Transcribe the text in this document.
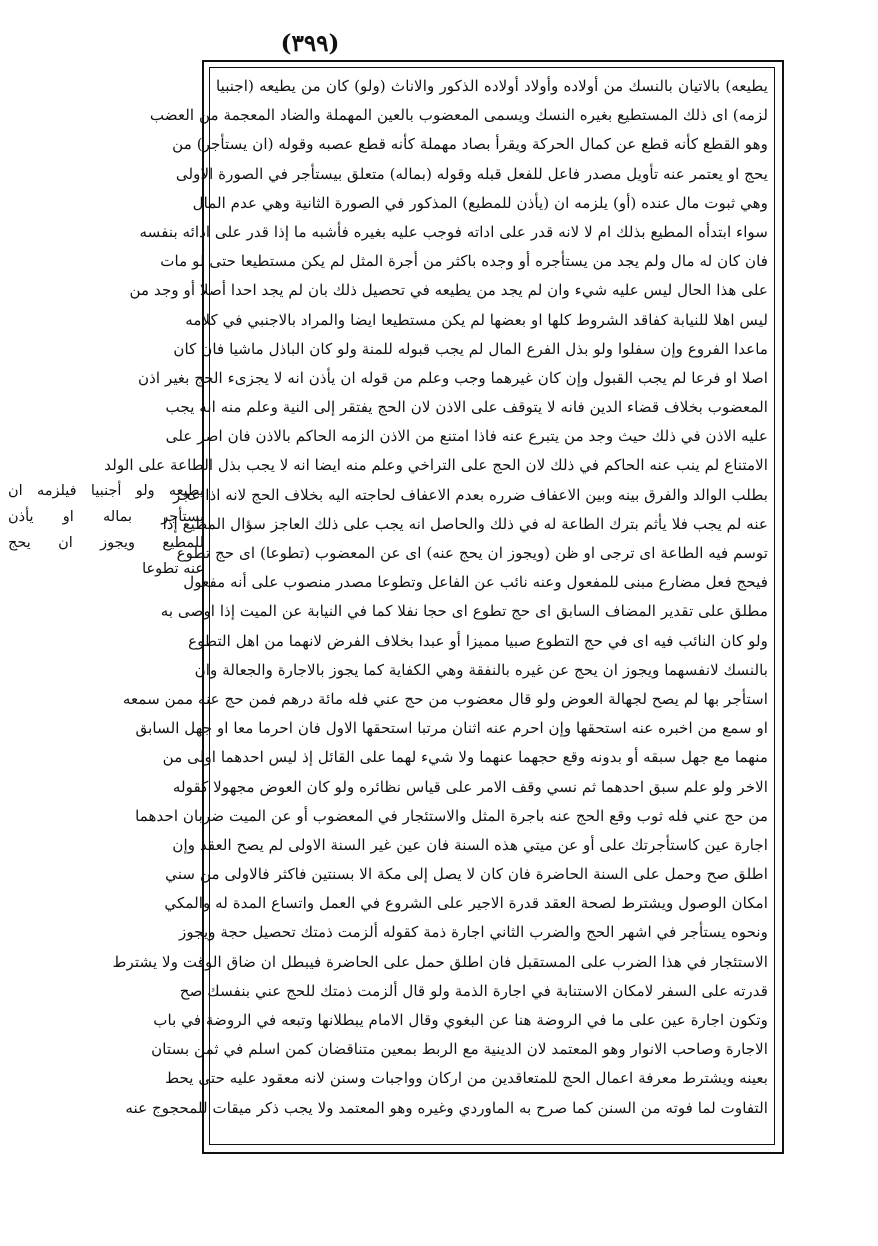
(٣٩٩)
يطيعه) بالاتيان بالنسك من أولاده وأولاد أولاده الذكور والاناث (ولو) كان من يطيعه (اجنبيا
لزمه) اى ذلك المستطيع بغيره النسك ويسمى المعضوب بالعين المهملة والضاد المعجمة من العضب
وهو القطع كأنه قطع عن كمال الحركة ويقرأ بصاد مهملة كأنه قطع عصبه وقوله (ان يستأجر) من
يحج او يعتمر عنه تأويل مصدر فاعل للفعل قبله وقوله (بماله) متعلق بيستأجر في الصورة الاولى
وهي ثبوت مال عنده (أو) يلزمه ان (يأذن للمطيع) المذكور في الصورة الثانية وهي عدم المال
سواء ابتدأه المطيع بذلك ام لا لانه قدر على اداته فوجب عليه بغيره فأشبه ما إذا قدر على ادائه بنفسه
فان كان له مال ولم يجد من يستأجره أو وجده باكثر من أجرة المثل لم يكن مستطيعا حتى لو مات
على هذا الحال ليس عليه شيء وان لم يجد من يطيعه في تحصيل ذلك بان لم يجد احدا أصلا أو وجد من
ليس اهلا للنيابة كفاقد الشروط كلها او بعضها لم يكن مستطيعا ايضا والمراد بالاجنبي في كلامه
ماعدا الفروع وإن سفلوا ولو بذل الفرع المال لم يجب قبوله للمنة ولو كان الباذل ماشيا فان كان
اصلا او فرعا لم يجب القبول وإن كان غيرهما وجب وعلم من قوله ان يأذن انه لا يجزىء الحج بغير اذن
المعضوب بخلاف قضاء الدين فانه لا يتوقف على الاذن لان الحج يفتقر إلى النية وعلم منه انه يجب
عليه الاذن في ذلك حيث وجد من يتبرع عنه فاذا امتنع من الاذن الزمه الحاكم بالاذن فان اصر على
الامتناع لم ينب عنه الحاكم في ذلك لان الحج على التراخي وعلم منه ايضا انه لا يجب بذل الطاعة على الولد
بطلب الوالد والفرق بينه وبين الاعفاف ضرره بعدم الاعفاف لحاجته اليه بخلاف الحج لانه اذا عجز
عنه لم يجب فلا يأثم بترك الطاعة له في ذلك والحاصل انه يجب على ذلك العاجز سؤال المطيع إذا
توسم فيه الطاعة اى ترجى او ظن (ويجوز ان يحج عنه) اى عن المعضوب (تطوعا) اى حج تطوع
فيحج فعل مضارع مبنى للمفعول وعنه نائب عن الفاعل وتطوعا مصدر منصوب على أنه مفعول
مطلق على تقدير المضاف السابق اى حج تطوع اى حجا نفلا كما في النيابة عن الميت إذا اوصى به
ولو كان النائب فيه اى في حج التطوع صبيا مميزا أو عبدا بخلاف الفرض لانهما من اهل التطوع
بالنسك لانفسهما ويجوز ان يحج عن غيره بالنفقة وهي الكفاية كما يجوز بالاجارة والجعالة وان
استأجر بها لم يصح لجهالة العوض ولو قال معضوب من حج عني فله مائة درهم فمن حج عنه ممن سمعه
او سمع من اخبره عنه استحقها وإن احرم عنه اثنان مرتبا استحقها الاول فان احرما معا او جهل السابق
منهما مع جهل سبقه أو بدونه وقع حجهما عنهما ولا شيء لهما على القائل إذ ليس احدهما اولى من
الاخر ولو علم سبق احدهما ثم نسي وقف الامر على قياس نظائره ولو كان العوض مجهولا كقوله
من حج عني فله ثوب وقع الحج عنه باجرة المثل والاستئجار في المعضوب أو عن الميت ضربان احدهما
اجارة عين كاستأجرتك على أو عن ميتي هذه السنة فان عين غير السنة الاولى لم يصح العقد وإن
اطلق صح وحمل على السنة الحاضرة فان كان لا يصل إلى مكة الا بسنتين فاكثر فالاولى من سني
امكان الوصول ويشترط لصحة العقد قدرة الاجير على الشروع في العمل واتساع المدة له والمكي
ونحوه يستأجر في اشهر الحج والضرب الثاني اجارة ذمة كقوله ألزمت ذمتك تحصيل حجة ويجوز
الاستئجار في هذا الضرب على المستقبل فان اطلق حمل على الحاضرة فيبطل ان ضاق الوقت ولا يشترط
قدرته على السفر لامكان الاستنابة في اجارة الذمة ولو قال ألزمت ذمتك للحج عني بنفسك صح
وتكون اجارة عين على ما في الروضة هنا عن البغوي وقال الامام يبطلانها وتبعه في الروضة في باب
الاجارة وصاحب الانوار وهو المعتمد لان الدينية مع الربط بمعين متناقضان كمن اسلم في ثمن بستان
بعينه ويشترط معرفة اعمال الحج للمتعاقدين من اركان وواجبات وسنن لانه معقود عليه حتى يحط
التفاوت لما فوته من السنن كما صرح به الماوردي وغيره وهو المعتمد ولا يجب ذكر ميقات للمحجوج عنه
يطيعه ولو أجنبيا فيلزمه ان
يستأجر بماله او يأذن
للمطيع ويجوز ان يحج
عنه تطوعا
